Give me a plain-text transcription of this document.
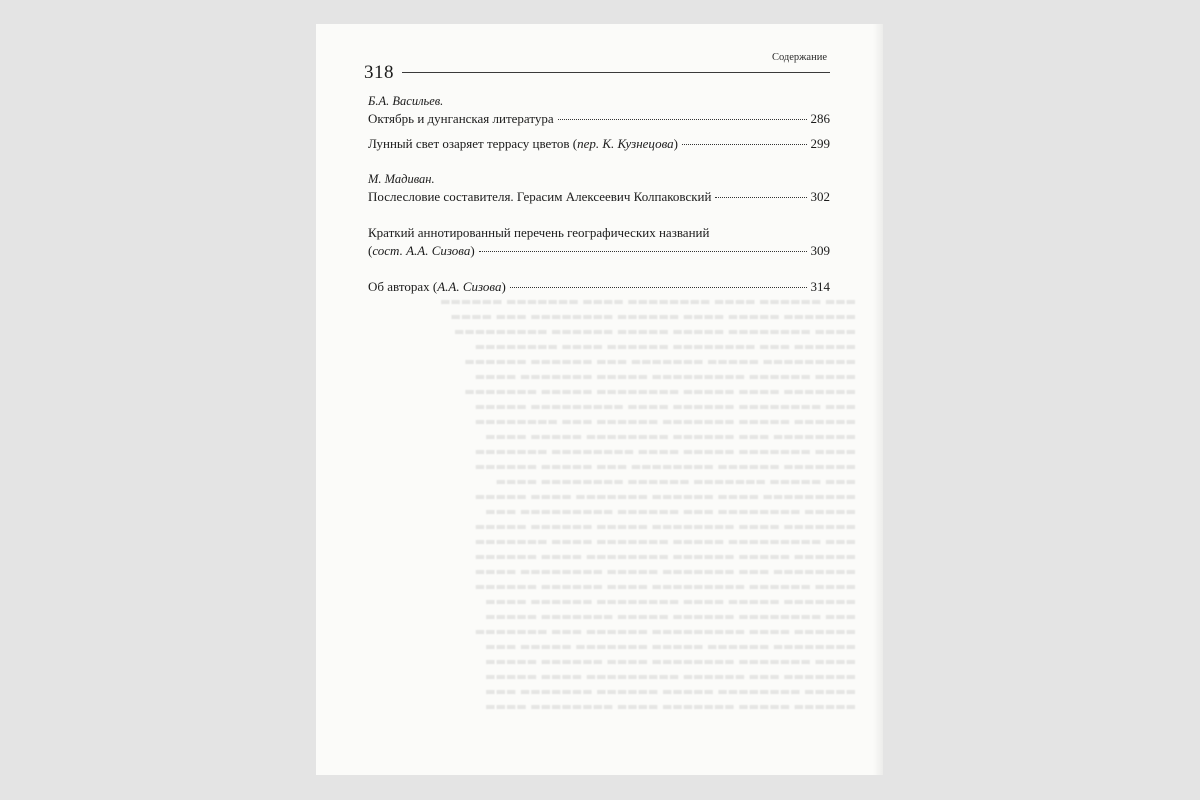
▬▬▬ ▬▬▬▬▬▬ ▬▬▬▬ ▬▬▬▬▬▬▬▬ ▬▬▬▬ ▬▬▬▬▬▬▬ ▬▬▬▬▬▬
▬▬▬▬▬▬▬ ▬▬▬▬▬ ▬▬▬▬ ▬▬▬▬▬▬ ▬▬▬▬▬▬▬▬ ▬▬▬ ▬▬▬▬
▬▬▬▬ ▬▬▬▬▬▬▬▬ ▬▬▬▬▬ ▬▬▬▬▬ ▬▬▬▬▬▬ ▬▬▬▬▬▬▬▬▬
▬▬▬▬▬▬ ▬▬▬ ▬▬▬▬▬▬▬▬ ▬▬▬▬▬▬ ▬▬▬▬ ▬▬▬▬▬▬▬▬
▬▬▬▬▬▬▬▬▬ ▬▬▬▬▬ ▬▬▬▬▬▬▬ ▬▬▬ ▬▬▬▬▬▬ ▬▬▬▬▬▬
▬▬▬▬ ▬▬▬▬▬▬ ▬▬▬▬▬▬▬▬▬ ▬▬▬▬▬ ▬▬▬▬▬▬▬ ▬▬▬▬
▬▬▬▬▬▬▬ ▬▬▬▬ ▬▬▬▬▬ ▬▬▬▬▬▬▬▬ ▬▬▬▬▬ ▬▬▬▬▬▬▬
▬▬▬ ▬▬▬▬▬▬▬▬ ▬▬▬▬▬▬ ▬▬▬▬ ▬▬▬▬▬▬▬▬▬ ▬▬▬▬▬
▬▬▬▬▬▬ ▬▬▬▬▬ ▬▬▬▬▬▬▬ ▬▬▬▬▬▬ ▬▬▬ ▬▬▬▬▬▬▬▬
▬▬▬▬▬▬▬▬ ▬▬▬ ▬▬▬▬▬▬ ▬▬▬▬▬▬▬▬ ▬▬▬▬▬ ▬▬▬▬
▬▬▬▬ ▬▬▬▬▬▬▬ ▬▬▬▬▬ ▬▬▬▬ ▬▬▬▬▬▬▬▬ ▬▬▬▬▬▬▬
▬▬▬▬▬▬▬ ▬▬▬▬▬▬ ▬▬▬▬▬▬▬▬ ▬▬▬ ▬▬▬▬▬ ▬▬▬▬▬▬
▬▬▬ ▬▬▬▬▬ ▬▬▬▬▬▬▬ ▬▬▬▬▬▬ ▬▬▬▬▬▬▬▬ ▬▬▬▬
▬▬▬▬▬▬▬▬▬ ▬▬▬▬ ▬▬▬▬▬▬ ▬▬▬▬▬▬▬ ▬▬▬▬ ▬▬▬▬▬
▬▬▬▬▬ ▬▬▬▬▬▬▬▬ ▬▬▬ ▬▬▬▬▬▬ ▬▬▬▬▬▬▬▬▬ ▬▬▬
▬▬▬▬▬▬▬ ▬▬▬▬ ▬▬▬▬▬▬▬▬ ▬▬▬▬▬ ▬▬▬▬▬▬ ▬▬▬▬▬
▬▬▬ ▬▬▬▬▬▬▬▬▬ ▬▬▬▬▬ ▬▬▬▬▬▬▬ ▬▬▬▬ ▬▬▬▬▬▬▬
▬▬▬▬▬▬ ▬▬▬▬▬ ▬▬▬▬▬▬ ▬▬▬▬▬▬▬▬ ▬▬▬▬ ▬▬▬▬▬▬
▬▬▬▬▬▬▬▬ ▬▬▬ ▬▬▬▬▬▬▬ ▬▬▬▬▬ ▬▬▬▬▬▬▬▬ ▬▬▬▬
▬▬▬▬ ▬▬▬▬▬▬ ▬▬▬▬▬▬▬▬▬ ▬▬▬▬ ▬▬▬▬▬▬ ▬▬▬▬▬▬
▬▬▬▬▬▬▬ ▬▬▬▬▬ ▬▬▬▬ ▬▬▬▬▬▬▬▬ ▬▬▬▬▬▬ ▬▬▬▬
▬▬▬ ▬▬▬▬▬▬▬▬ ▬▬▬▬▬▬ ▬▬▬▬▬ ▬▬▬▬▬▬▬ ▬▬▬▬▬
▬▬▬▬▬▬ ▬▬▬▬ ▬▬▬▬▬▬▬▬▬ ▬▬▬▬▬▬ ▬▬▬ ▬▬▬▬▬▬▬
▬▬▬▬▬▬▬▬ ▬▬▬▬▬▬ ▬▬▬▬▬ ▬▬▬▬▬▬▬ ▬▬▬▬▬ ▬▬▬
▬▬▬▬ ▬▬▬▬▬▬▬ ▬▬▬▬▬▬▬▬ ▬▬▬▬ ▬▬▬▬▬▬ ▬▬▬▬▬
▬▬▬▬▬▬▬ ▬▬▬ ▬▬▬▬▬▬ ▬▬▬▬▬▬▬▬▬ ▬▬▬▬ ▬▬▬▬▬
▬▬▬▬▬ ▬▬▬▬▬▬▬▬ ▬▬▬▬▬ ▬▬▬▬▬▬ ▬▬▬▬▬▬▬ ▬▬▬
▬▬▬▬▬▬ ▬▬▬▬▬ ▬▬▬▬▬▬▬ ▬▬▬▬ ▬▬▬▬▬▬▬▬ ▬▬▬▬
Содержание
318
Б.А. Васильев.
Октябрь и дунганская литература	286
Лунный свет озаряет террасу цветов (пер. К. Кузнецова)	299
М. Мадиван.
Послесловие составителя. Герасим Алексеевич Колпаковский	302
Краткий аннотированный перечень географических названий
(сост. А.А. Сизова)	309
Об авторах (А.А. Сизова)	314
